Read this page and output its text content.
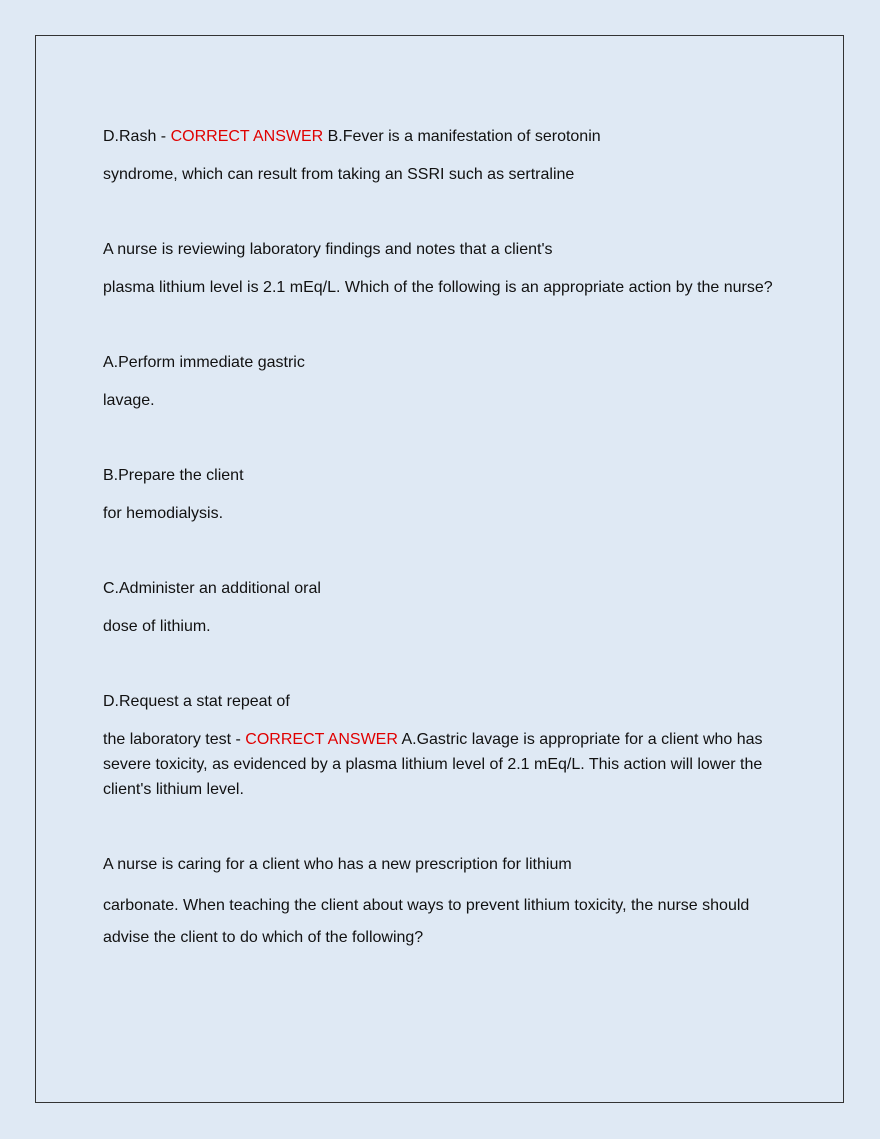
D.Rash - CORRECT ANSWER B.Fever is a manifestation of serotonin

syndrome, which can result from taking an SSRI such as sertraline

A nurse is reviewing laboratory findings and notes that a client's

plasma lithium level is 2.1 mEq/L. Which of the following is an appropriate action by the nurse?

A.Perform immediate gastric

lavage.

B.Prepare the client

for hemodialysis.

C.Administer an additional oral

dose of lithium.

D.Request a stat repeat of

the laboratory test - CORRECT ANSWER A.Gastric lavage is appropriate for a client who has severe toxicity, as evidenced by a plasma lithium level of 2.1 mEq/L. This action will lower the client's lithium level.

A nurse is caring for a client who has a new prescription for lithium

carbonate. When teaching the client about ways to prevent lithium toxicity, the nurse should advise the client to do which of the following?
